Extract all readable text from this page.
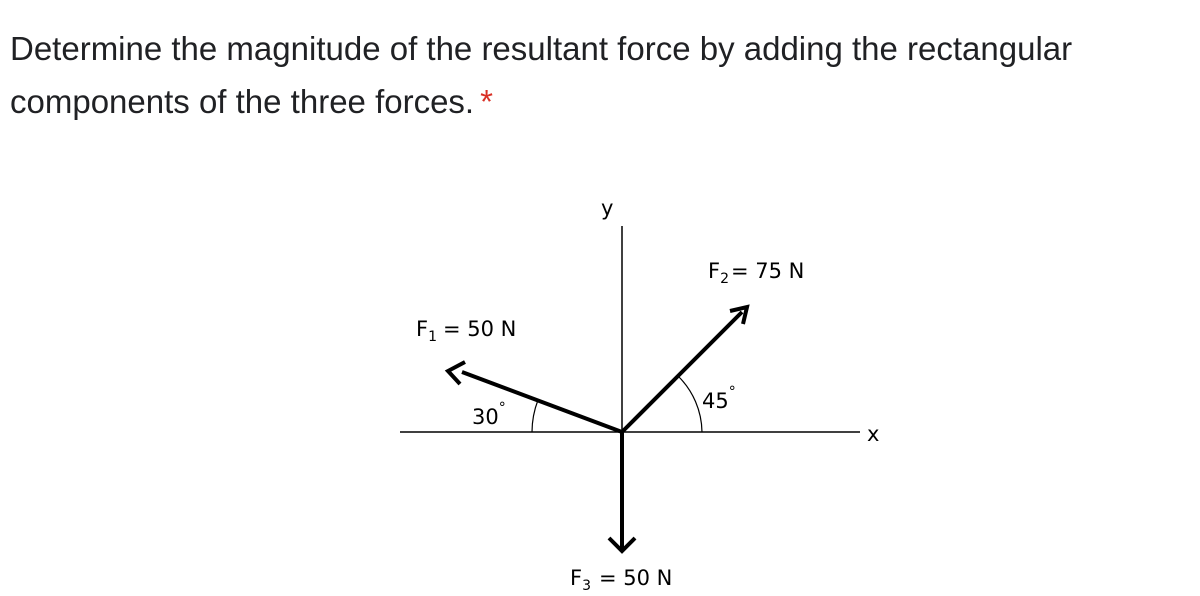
Determine the magnitude of the resultant force by adding the rectangular components of the three forces. *
x
y
$F_1 = 50$ N
$F_2= 75$ N
$F_3 = 50$ N
30°	45°
